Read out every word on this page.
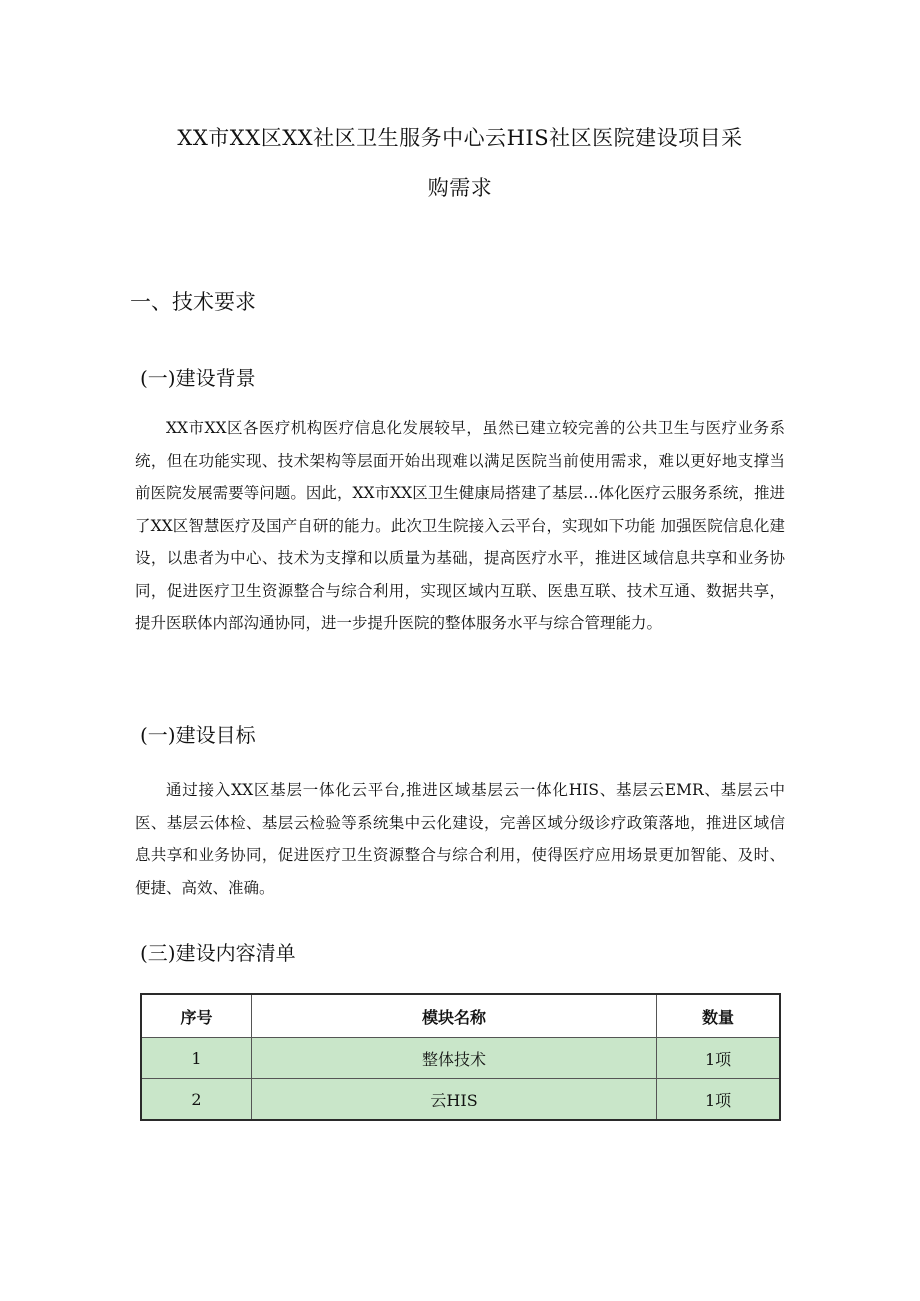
XX市XX区XX社区卫生服务中心云HIS社区医院建设项目采
购需求
一、技术要求
(一)建设背景

XX市XX区各医疗机构医疗信息化发展较早，虽然已建立较完善的公共卫生与医疗业务系统，但在功能实现、技术架构等层面开始出现难以满足医院当前使用需求，难以更好地支撑当前医院发展需要等问题。因此，XX市XX区卫生健康局搭建了基层…体化医疗云服务系统，推进了XX区智慧医疗及国产自研的能力。此次卫生院接入云平台，实现如下功能 加强医院信息化建设，以患者为中心、技术为支撑和以质量为基础，提高医疗水平，推进区域信息共享和业务协同，促进医疗卫生资源整合与综合利用，实现区域内互联、医患互联、技术互通、数据共享，提升医联体内部沟通协同，进一步提升医院的整体服务水平与综合管理能力。

(一)建设目标

通过接入XX区基层一体化云平台,推进区域基层云一体化HIS、基层云EMR、基层云中医、基层云体检、基层云检验等系统集中云化建设，完善区域分级诊疗政策落地，推进区域信息共享和业务协同，促进医疗卫生资源整合与综合利用，使得医疗应用场景更加智能、及时、便捷、高效、准确。

(三)建设内容清单
序号	模块名称	数量
1	整体技术	1项
2	云HIS	1项
